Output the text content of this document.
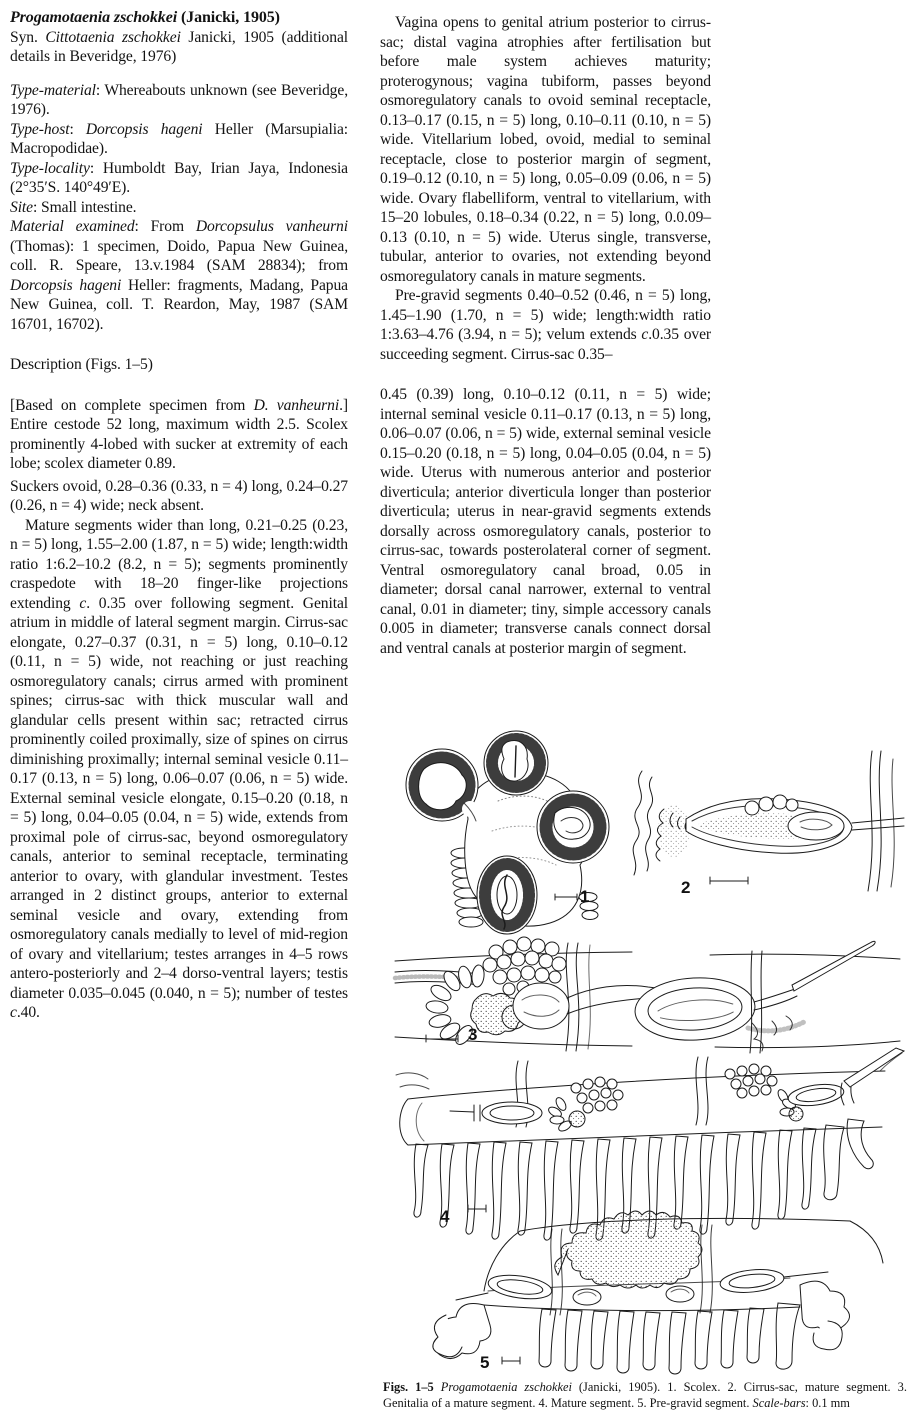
Progamotaenia zschokkei (Janicki, 1905)

Syn. Cittotaenia zschokkei Janicki, 1905 (additional details in Beveridge, 1976)

Type-material: Whereabouts unknown (see Beveridge, 1976).

Type-host: Dorcopsis hageni Heller (Marsupialia: Macropodidae).

Type-locality: Humboldt Bay, Irian Jaya, Indonesia (2°35′S. 140°49′E).

Site: Small intestine.

Material examined: From Dorcopsulus vanheurni (Thomas): 1 specimen, Doido, Papua New Guinea, coll. R. Speare, 13.v.1984 (SAM 28834); from Dorcopsis hageni Heller: fragments, Madang, Papua New Guinea, coll. T. Reardon, May, 1987 (SAM 16701, 16702).

Description (Figs. 1–5)

[Based on complete specimen from D. vanheurni.] Entire cestode 52 long, maximum width 2.5. Scolex prominently 4-lobed with sucker at extremity of each lobe; scolex diameter 0.89.

Suckers ovoid, 0.28–0.36 (0.33, n = 4) long, 0.24–0.27 (0.26, n = 4) wide; neck absent.

Mature segments wider than long, 0.21–0.25 (0.23, n = 5) long, 1.55–2.00 (1.87, n = 5) wide; length:width ratio 1:6.2–10.2 (8.2, n = 5); segments prominently craspedote with 18–20 finger-like projections extending c. 0.35 over following segment. Genital atrium in middle of lateral segment margin. Cirrus-sac elongate, 0.27–0.37 (0.31, n = 5) long, 0.10–0.12 (0.11, n = 5) wide, not reaching or just reaching osmoregulatory canals; cirrus armed with prominent spines; cirrus-sac with thick muscular wall and glandular cells present within sac; retracted cirrus prominently coiled proximally, size of spines on cirrus diminishing proximally; internal seminal vesicle 0.11–0.17 (0.13, n = 5) long, 0.06–0.07 (0.06, n = 5) wide. External seminal vesicle elongate, 0.15–0.20 (0.18, n = 5) long, 0.04–0.05 (0.04, n = 5) wide, extends from proximal pole of cirrus-sac, beyond osmoregulatory canals, anterior to seminal receptacle, terminating anterior to ovary, with glandular investment. Testes arranged in 2 distinct groups, anterior to external seminal vesicle and ovary, extending from osmoregulatory canals medially to level of mid-region of ovary and vitellarium; testes arranges in 4–5 rows antero-posteriorly and 2–4 dorso-ventral layers; testis diameter 0.035–0.045 (0.040, n = 5); number of testes c.40.

Vagina opens to genital atrium posterior to cirrus-sac; distal vagina atrophies after fertilisation but before male system achieves maturity; proterogynous; vagina tubiform, passes beyond osmoregulatory canals to ovoid seminal receptacle, 0.13–0.17 (0.15, n = 5) long, 0.10–0.11 (0.10, n = 5) wide. Vitellarium lobed, ovoid, medial to seminal receptacle, close to posterior margin of segment, 0.19–0.12 (0.10, n = 5) long, 0.05–0.09 (0.06, n = 5) wide. Ovary flabelliform, ventral to vitellarium, with 15–20 lobules, 0.18–0.34 (0.22, n = 5) long, 0.0.09–0.13 (0.10, n = 5) wide. Uterus single, transverse, tubular, anterior to ovaries, not extending beyond osmoregulatory canals in mature segments.

Pre-gravid segments 0.40–0.52 (0.46, n = 5) long, 1.45–1.90 (1.70, n = 5) wide; length:width ratio 1:3.63–4.76 (3.94, n = 5); velum extends c.0.35 over succeeding segment. Cirrus-sac 0.35–

0.45 (0.39) long, 0.10–0.12 (0.11, n = 5) wide; internal seminal vesicle 0.11–0.17 (0.13, n = 5) long, 0.06–0.07 (0.06, n = 5) wide, external seminal vesicle 0.15–0.20 (0.18, n = 5) long, 0.04–0.05 (0.04, n = 5) wide. Uterus with numerous anterior and posterior diverticula; anterior diverticula longer than posterior diverticula; uterus in near-gravid segments extends dorsally across osmoregulatory canals, posterior to cirrus-sac, towards posterolateral corner of segment. Ventral osmoregulatory canal broad, 0.05 in diameter; dorsal canal narrower, external to ventral canal, 0.01 in diameter; tiny, simple accessory canals 0.005 in diameter; transverse canals connect dorsal and ventral canals at posterior margin of segment.

1	2
3
4
5
Figs. 1–5 Progamotaenia zschokkei (Janicki, 1905). 1. Scolex. 2. Cirrus-sac, mature segment. 3. Genitalia of a mature segment. 4. Mature segment. 5. Pre-gravid segment. Scale-bars: 0.1 mm
